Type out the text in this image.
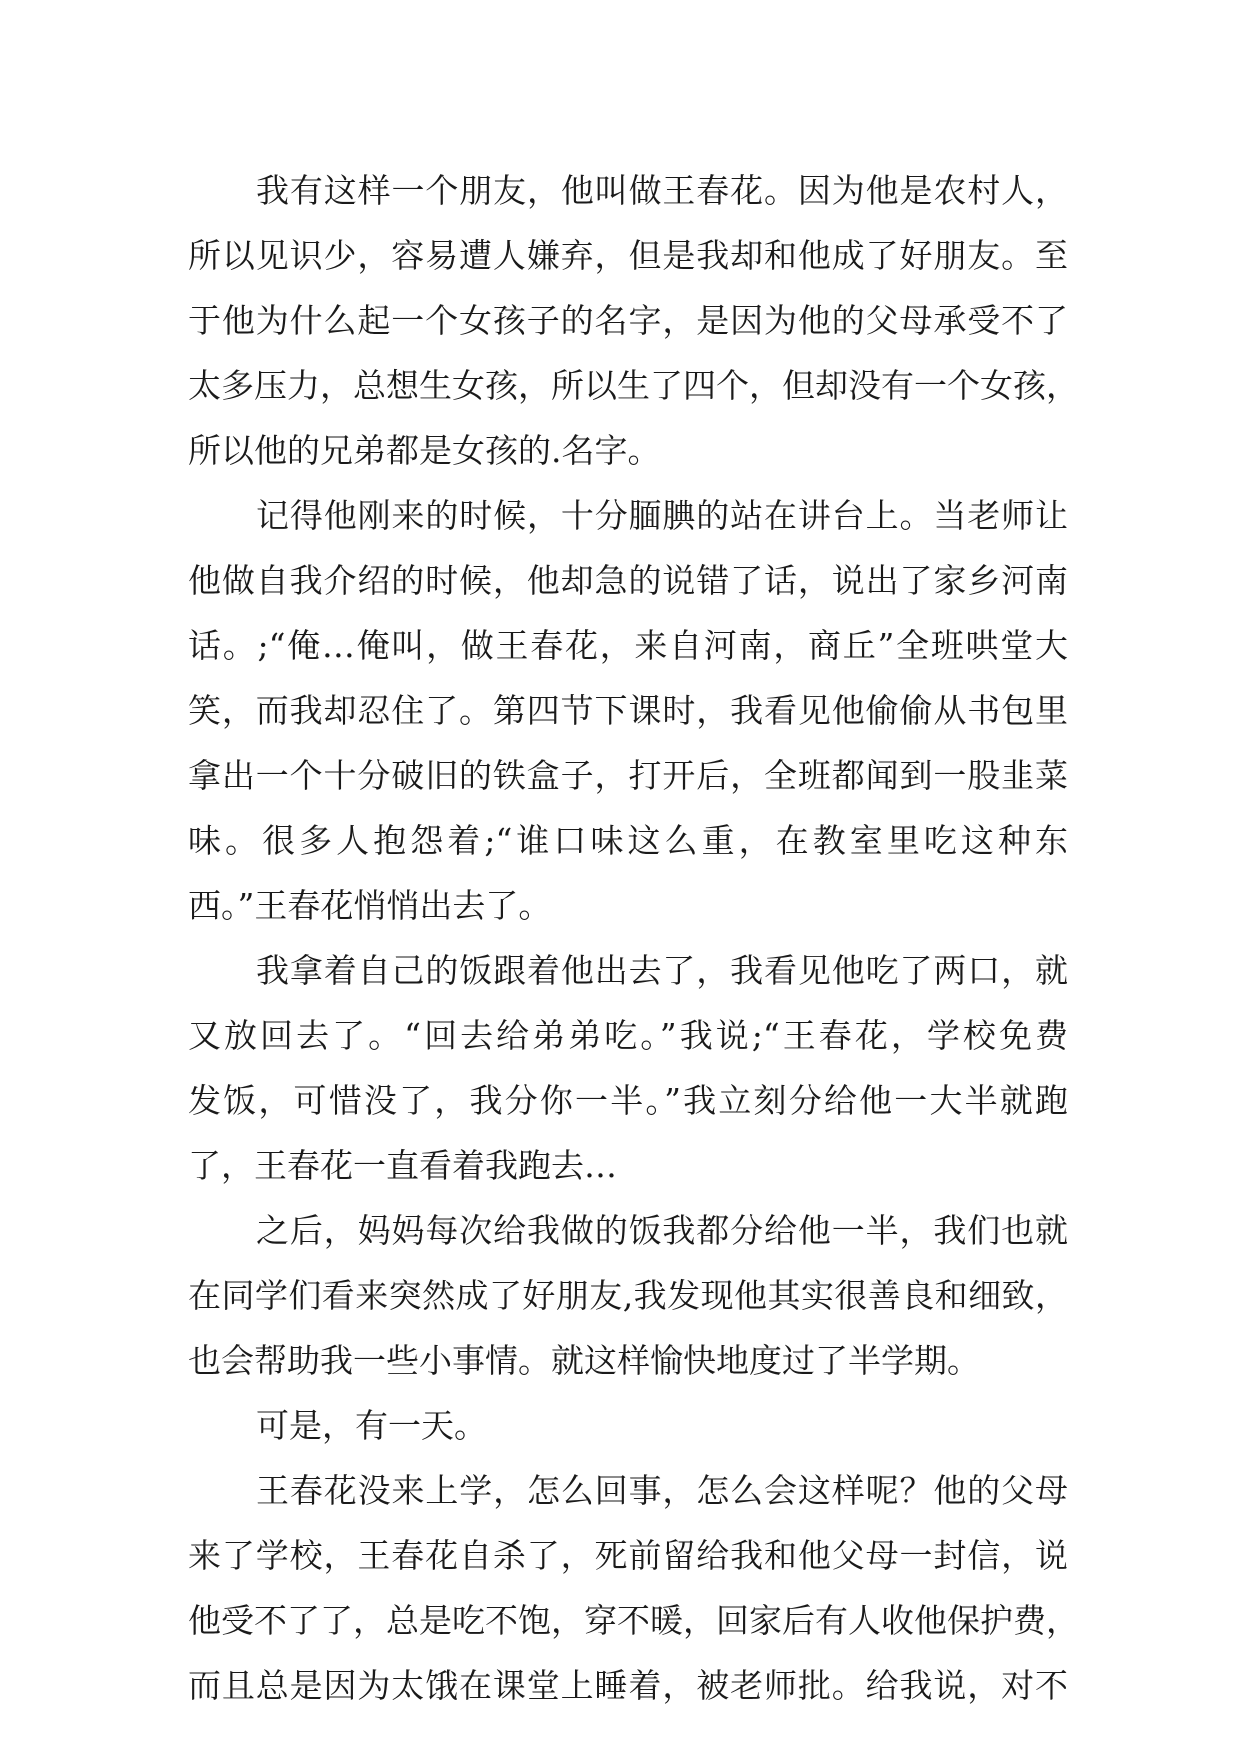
我有这样一个朋友，他叫做王春花。因为他是农村人，
所以见识少，容易遭人嫌弃，但是我却和他成了好朋友。至
于他为什么起一个女孩子的名字，是因为他的父母承受不了
太多压力，总想生女孩，所以生了四个，但却没有一个女孩，
所以他的兄弟都是女孩的.名字。
记得他刚来的时候，十分腼腆的站在讲台上。当老师让
他做自我介绍的时候，他却急的说错了话，说出了家乡河南
话。;“俺…俺叫，做王春花，来自河南，商丘”全班哄堂大
笑，而我却忍住了。第四节下课时，我看见他偷偷从书包里
拿出一个十分破旧的铁盒子，打开后，全班都闻到一股韭菜
味。很多人抱怨着;“谁口味这么重，在教室里吃这种东
西。”王春花悄悄出去了。
我拿着自己的饭跟着他出去了，我看见他吃了两口，就
又放回去了。“回去给弟弟吃。”我说;“王春花，学校免费
发饭，可惜没了，我分你一半。”我立刻分给他一大半就跑
了，王春花一直看着我跑去…
之后，妈妈每次给我做的饭我都分给他一半，我们也就
在同学们看来突然成了好朋友,我发现他其实很善良和细致，
也会帮助我一些小事情。就这样愉快地度过了半学期。
可是，有一天。
王春花没来上学，怎么回事，怎么会这样呢？他的父母
来了学校，王春花自杀了，死前留给我和他父母一封信，说
他受不了了，总是吃不饱，穿不暖，回家后有人收他保护费，
而且总是因为太饿在课堂上睡着，被老师批。给我说，对不
